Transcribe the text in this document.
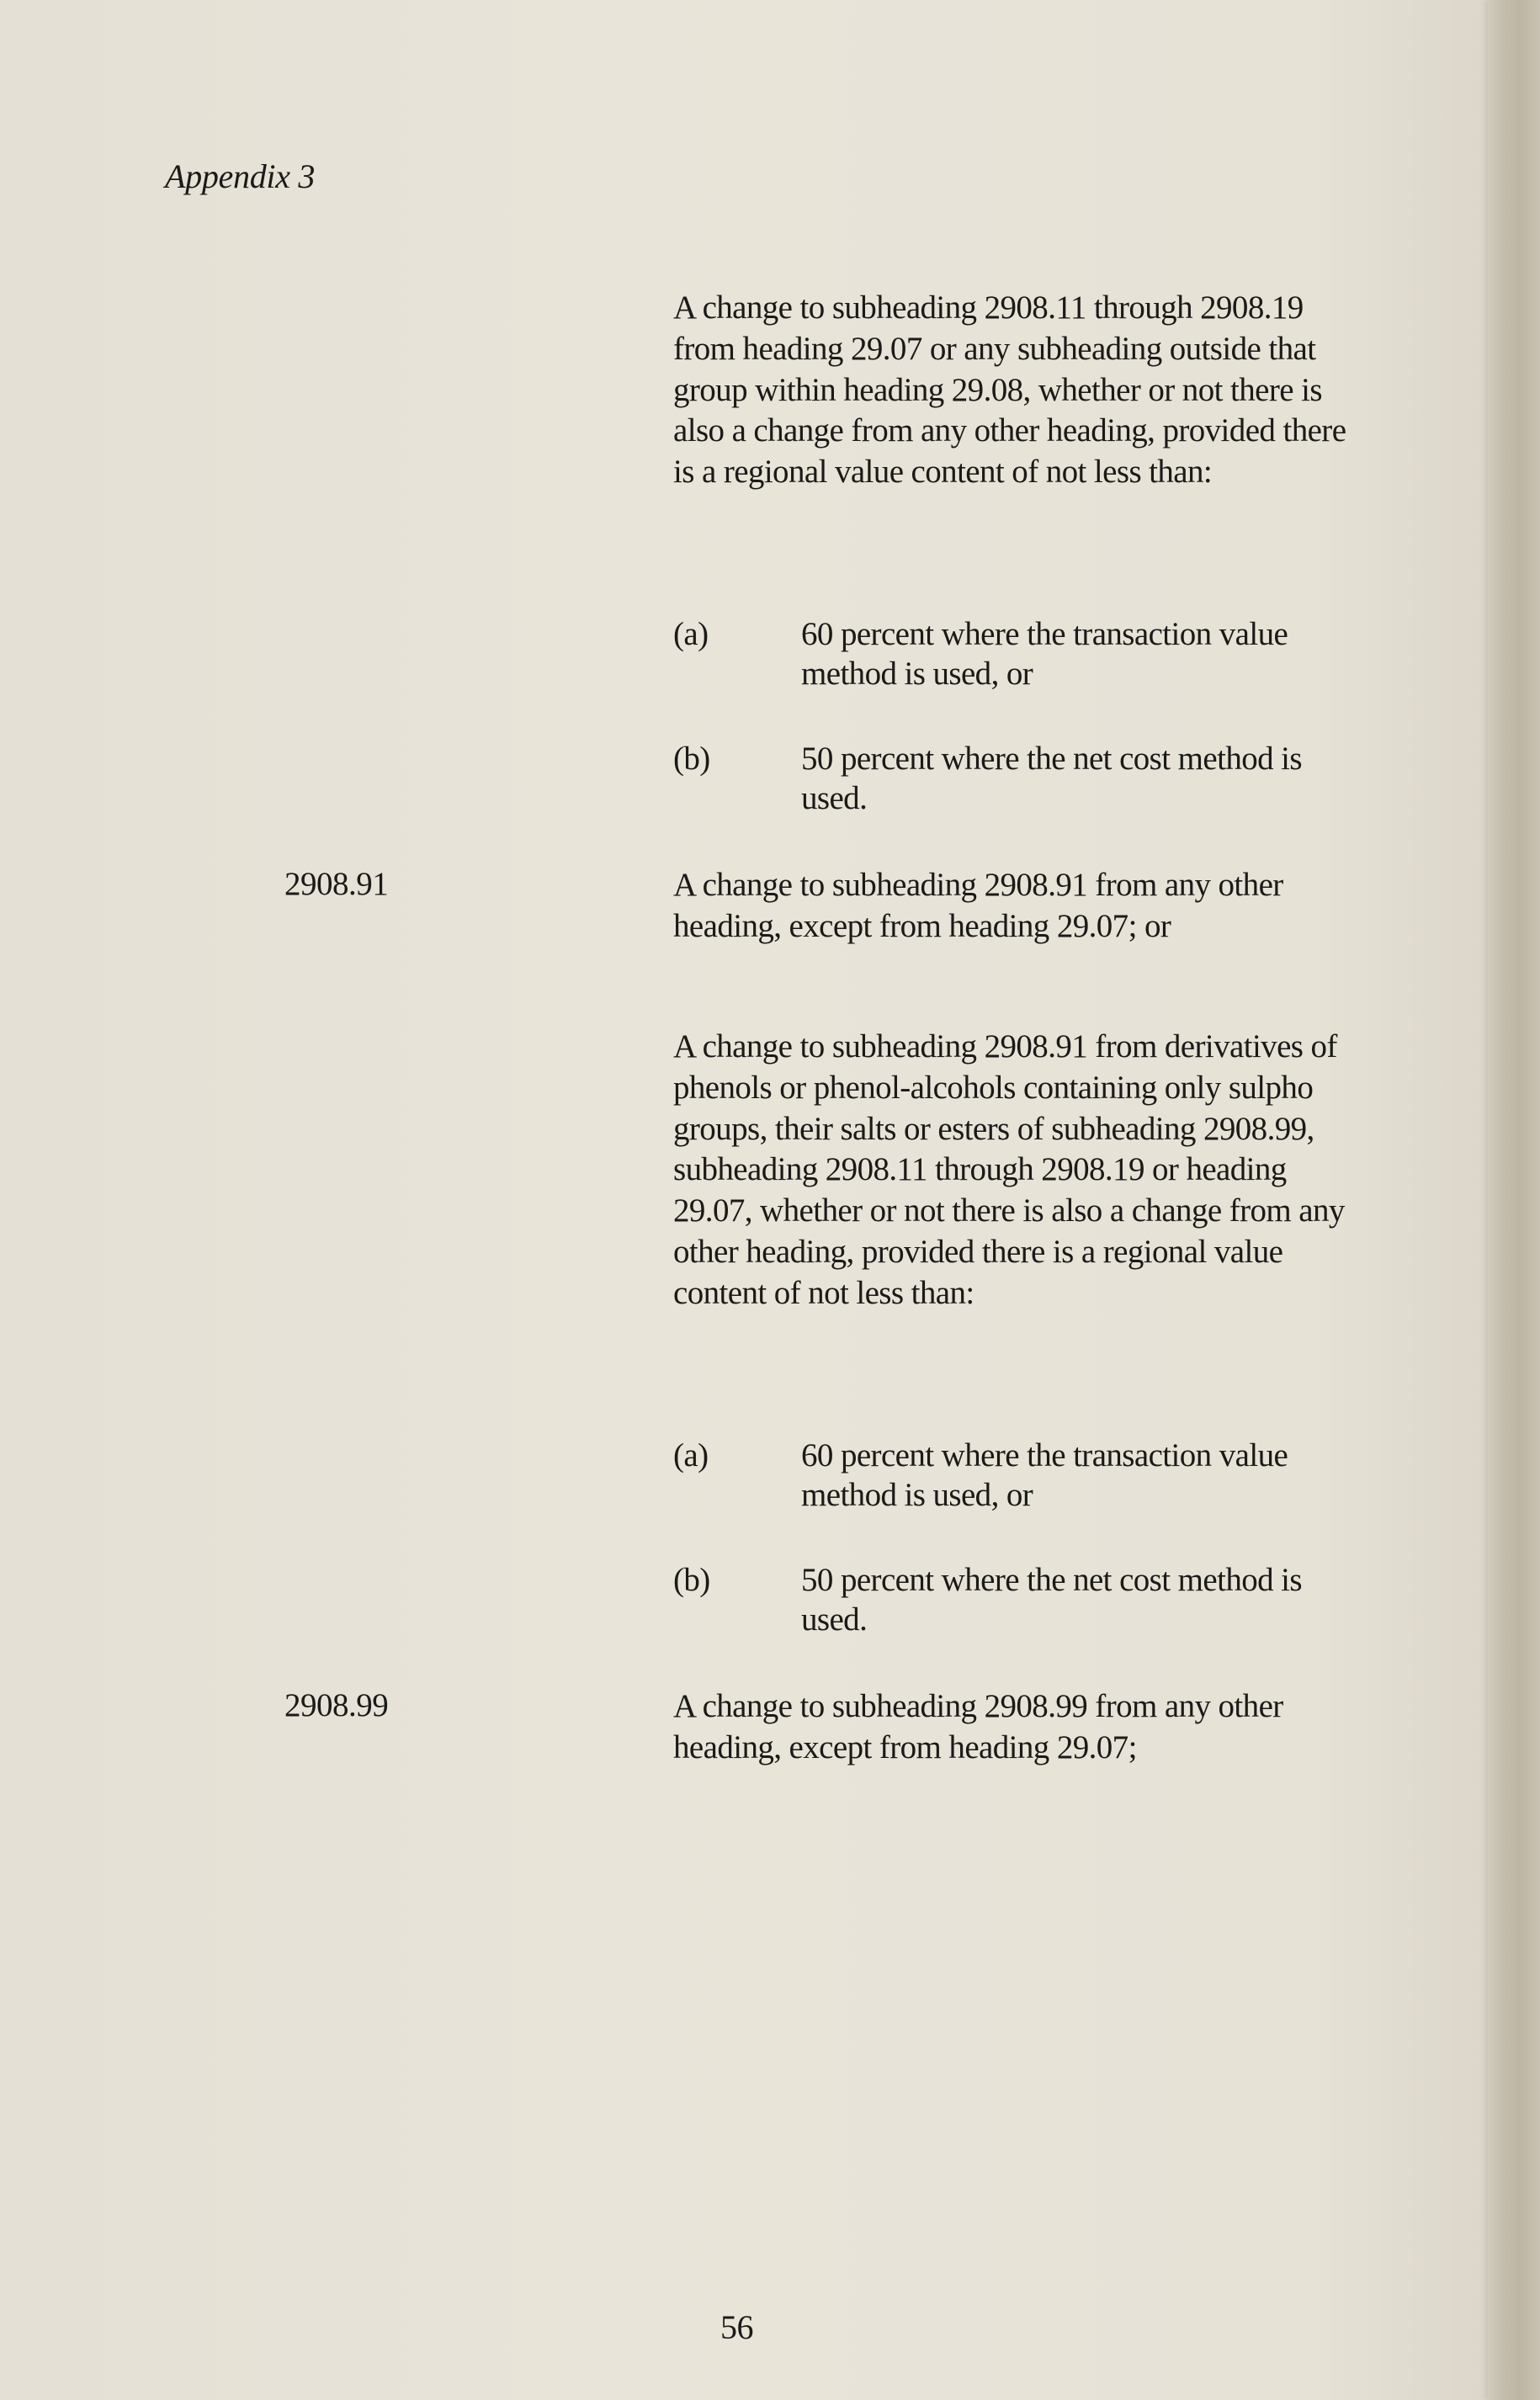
Appendix 3

A change to subheading 2908.11 through 2908.19 from heading 29.07 or any subheading outside that group within heading 29.08, whether or not there is also a change from any other heading, provided there is a regional value content of not less than:

(a)	60 percent where the transaction value method is used, or
(b)	50 percent where the net cost method is used.
2908.91	A change to subheading 2908.91 from any other heading, except from heading 29.07; or

A change to subheading 2908.91 from derivatives of phenols or phenol-alcohols containing only sulpho groups, their salts or esters of subheading 2908.99, subheading 2908.11 through 2908.19 or heading 29.07, whether or not there is also a change from any other heading, provided there is a regional value content of not less than:

(a)	60 percent where the transaction value method is used, or
(b)	50 percent where the net cost method is used.
2908.99	A change to subheading 2908.99 from any other heading, except from heading 29.07;

56
